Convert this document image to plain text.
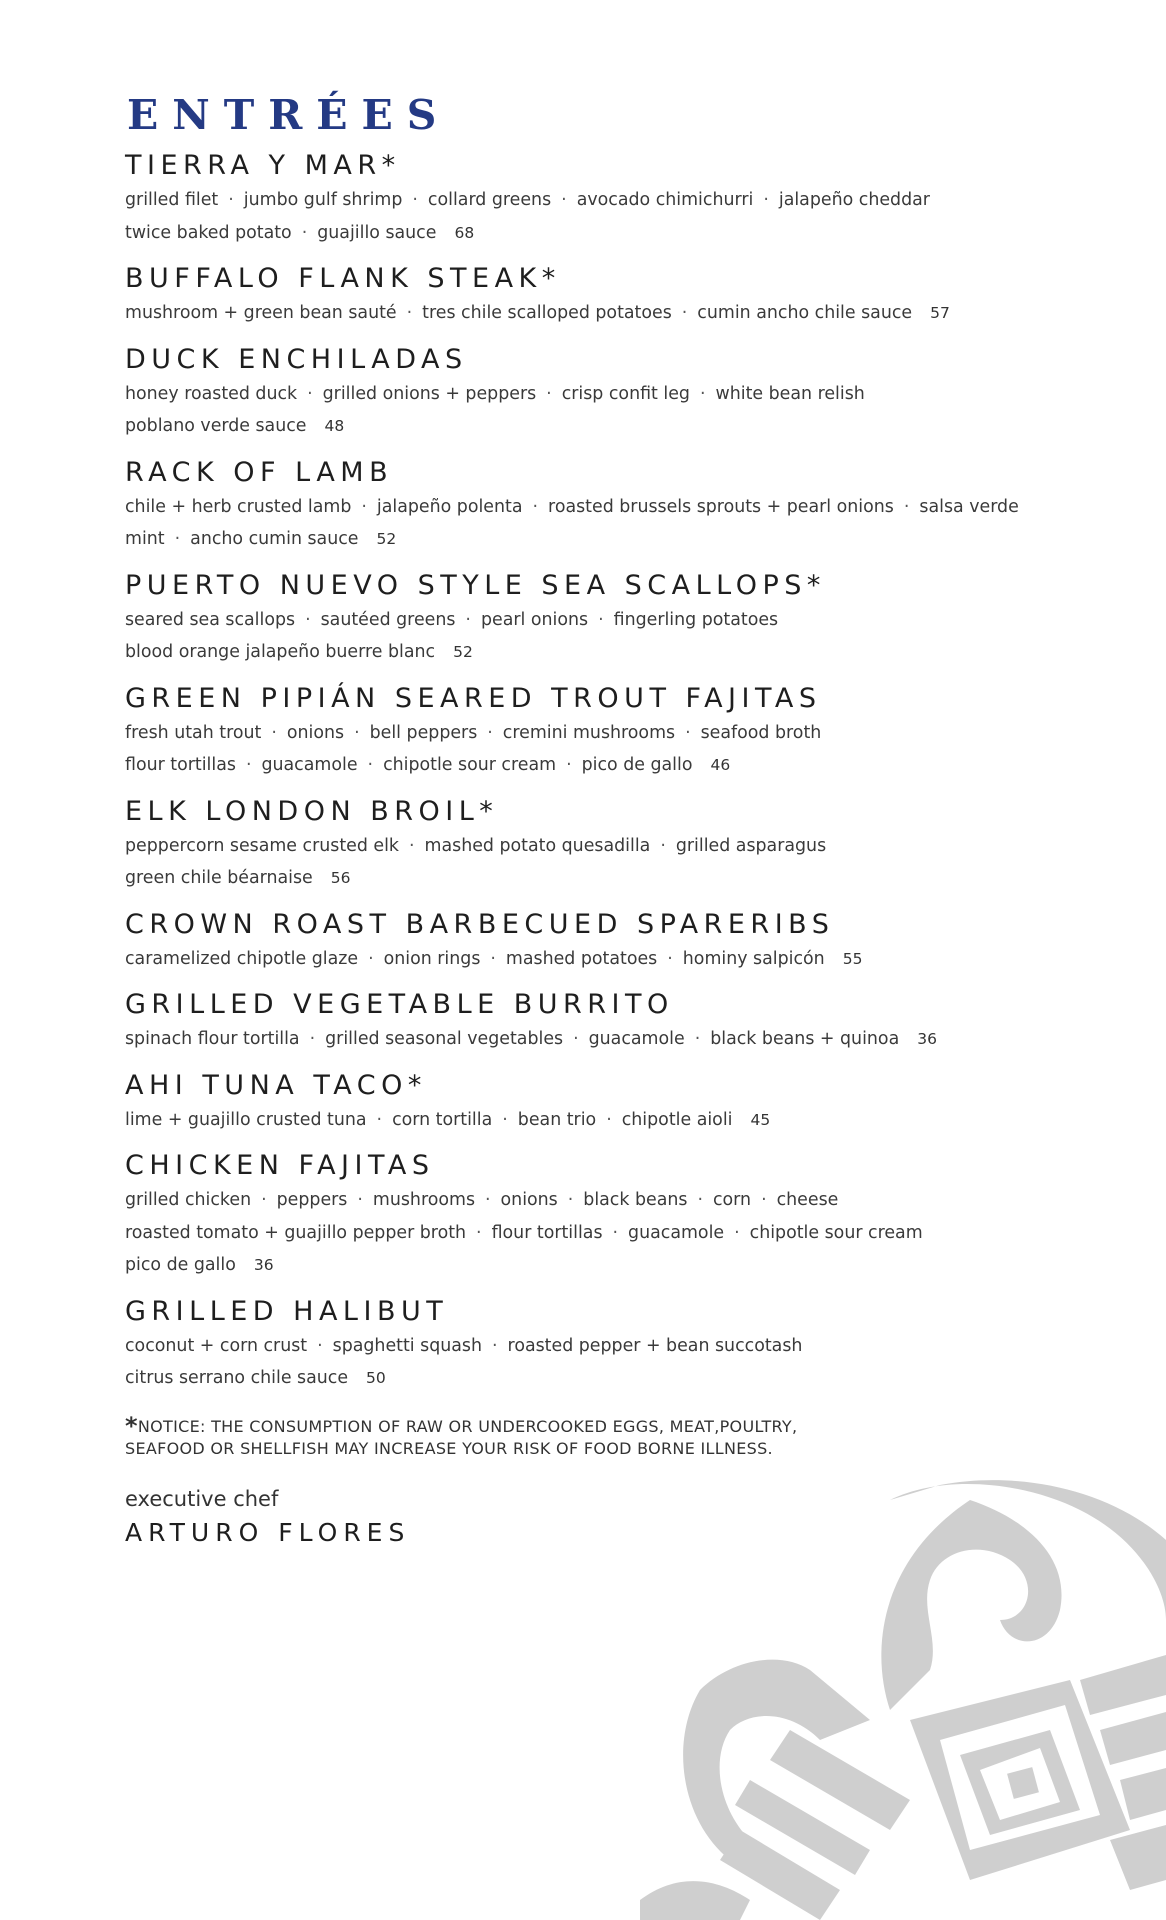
ENTRÉES
TIERRA Y MAR*

grilled filet · jumbo gulf shrimp · collard greens · avocado chimichurri · jalapeño cheddar

twice baked potato · guajillo sauce 68

BUFFALO FLANK STEAK*

mushroom + green bean sauté · tres chile scalloped potatoes · cumin ancho chile sauce 57

DUCK ENCHILADAS

honey roasted duck · grilled onions + peppers · crisp confit leg · white bean relish

poblano verde sauce 48

RACK OF LAMB

chile + herb crusted lamb · jalapeño polenta · roasted brussels sprouts + pearl onions · salsa verde

mint · ancho cumin sauce 52

PUERTO NUEVO STYLE SEA SCALLOPS*

seared sea scallops · sautéed greens · pearl onions · fingerling potatoes

blood orange jalapeño buerre blanc 52

GREEN PIPIÁN SEARED TROUT FAJITAS

fresh utah trout · onions · bell peppers · cremini mushrooms · seafood broth

flour tortillas · guacamole · chipotle sour cream · pico de gallo 46

ELK LONDON BROIL*

peppercorn sesame crusted elk · mashed potato quesadilla · grilled asparagus

green chile béarnaise 56

CROWN ROAST BARBECUED SPARERIBS

caramelized chipotle glaze · onion rings · mashed potatoes · hominy salpicón 55

GRILLED VEGETABLE BURRITO

spinach flour tortilla · grilled seasonal vegetables · guacamole · black beans + quinoa 36

AHI TUNA TACO*

lime + guajillo crusted tuna · corn tortilla · bean trio · chipotle aioli 45

CHICKEN FAJITAS

grilled chicken · peppers · mushrooms · onions · black beans · corn · cheese

roasted tomato + guajillo pepper broth · flour tortillas · guacamole · chipotle sour cream

pico de gallo 36

GRILLED HALIBUT

coconut + corn crust · spaghetti squash · roasted pepper + bean succotash

citrus serrano chile sauce 50

*NOTICE: THE CONSUMPTION OF RAW OR UNDERCOOKED EGGS, MEAT,POULTRY,
SEAFOOD OR SHELLFISH MAY INCREASE YOUR RISK OF FOOD BORNE ILLNESS.

executive chef

ARTURO FLORES
